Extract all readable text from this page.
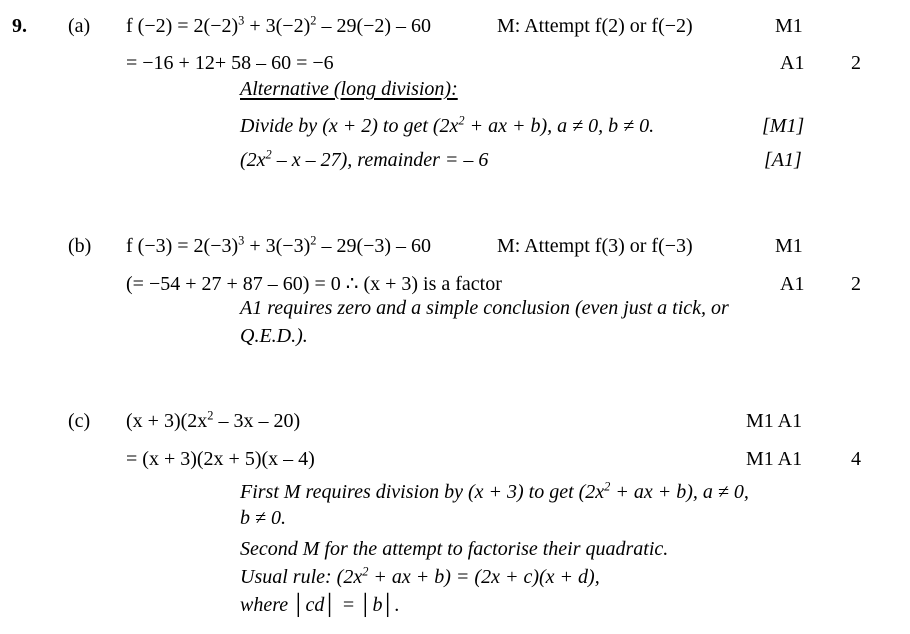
9. (a) f $(-2) = 2(-2)^3 + 3(-2)^2 - 29(-2) - 60$	M: Attempt f(2) or f(−2)	M1
= −16 + 12+ 58 – 60 = −6	A1 2
Alternative (long division):
Divide by (x + 2) to get ($2x^2$ + ax + b), a ≠ 0, b ≠ 0.	[M1]
($2x^2$ – x – 27), remainder = – 6	[A1]
(b) f $(-3) = 2(-3)^3 + 3(-3)^2 - 29(-3) - 60$	M: Attempt f(3) or f(−3)	M1
(= −54 + 27 + 87 – 60) = 0 ∴ (x + 3) is a factor	A1 2
A1 requires zero and a simple conclusion (even just a tick, or
Q.E.D.).
(c) $(x + 3)(2x^2 - 3x - 20)$	M1 A1
= (x + 3)(2x + 5)(x – 4)	M1 A1 4
First M requires division by (x + 3) to get ($2x^2$ + ax + b), a ≠ 0,
b ≠ 0.
Second M for the attempt to factorise their quadratic.
Usual rule: ($2x^2$ + ax + b) = (2x + c)(x + d),
where │cd│ = │b│.
